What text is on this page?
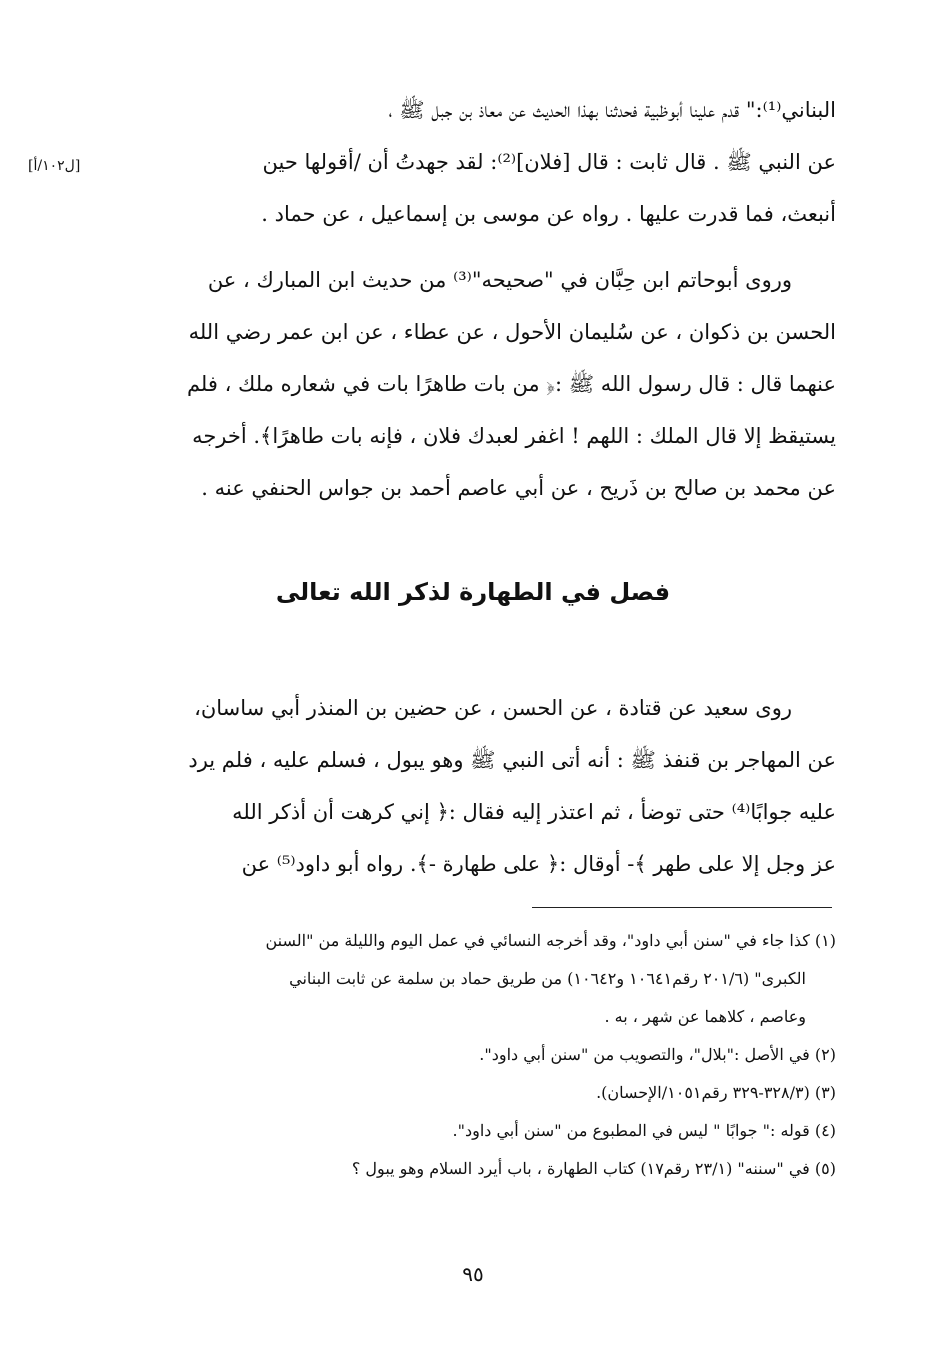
[ل١٠٢/أ]
البناني⁽¹⁾:" قدم علينا أبوظبية فحدثنا بهذا الحديث عن معاذ بن جبل ﷺ ،
عن النبي ﷺ . قال ثابت : قال [فلان]⁽²⁾: لقد جهدتُ أن /أقولها حين
أنبعث، فما قدرت عليها . رواه عن موسى بن إسماعيل ، عن حماد .
وروى أبوحاتم ابن حِبَّان في "صحيحه"⁽³⁾ من حديث ابن المبارك ، عن
الحسن بن ذكوان ، عن سُليمان الأحول ، عن عطاء ، عن ابن عمر رضي الله
عنهما قال : قال رسول الله ﷺ :﴿ من بات طاهرًا بات في شعاره ملك ، فلم
يستيقظ إلا قال الملك : اللهم ! اغفر لعبدك فلان ، فإنه بات طاهرًا﴾. أخرجه
عن محمد بن صالح بن ذَريح ، عن أبي عاصم أحمد بن جواس الحنفي عنه .
فصل في الطهارة لذكر الله تعالى
روى سعيد عن قتادة ، عن الحسن ، عن حضين بن المنذر أبي ساسان،
عن المهاجر بن قنفذ ﷺ : أنه أتى النبي ﷺ وهو يبول ، فسلم عليه ، فلم يرد
عليه جوابًا⁽⁴⁾ حتى توضأ ، ثم اعتذر إليه فقال :﴿ إني كرهت أن أذكر الله
عز وجل إلا على طهر ﴾- أوقال :﴿ على طهارة -﴾. رواه أبو داود⁽⁵⁾ عن
(١) كذا جاء في "سنن أبي داود"، وقد أخرجه النسائي في عمل اليوم والليلة من "السنن
الكبرى" (٢٠١/٦ رقم١٠٦٤١ و١٠٦٤٢) من طريق حماد بن سلمة عن ثابت البناني
وعاصم ، كلاهما عن شهر ، به .
(٢) في الأصل :"بلال"، والتصويب من "سنن أبي داود".
(٣) (٣٢٨/٣-٣٢٩ رقم١٠٥١/الإحسان).
(٤) قوله :" جوابًا " ليس في المطبوع من "سنن أبي داود".
(٥) في "سننه" (٢٣/١ رقم١٧) كتاب الطهارة ، باب أيرد السلام وهو يبول ؟
٩٥
